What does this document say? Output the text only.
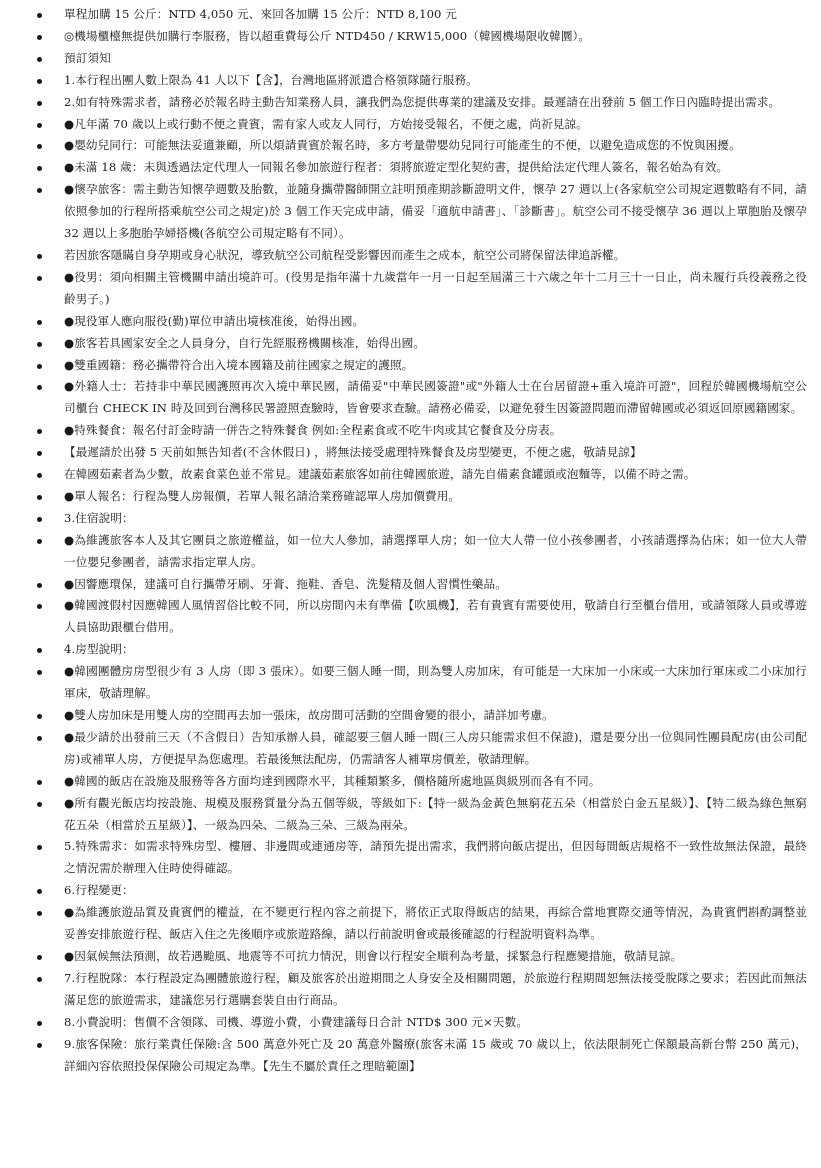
單程加購 15 公斤：NTD 4,050 元、來回各加購 15 公斤：NTD 8,100 元
◎機場櫃檯無提供加購行李服務，皆以超重費每公斤 NTD450 / KRW15,000（韓國機場限收韓圜）。
預訂須知
1.本行程出團人數上限為 41 人以下【含】，台灣地區將派遣合格領隊隨行服務。
2.如有特殊需求者，請務必於報名時主動告知業務人員，讓我們為您提供專業的建議及安排。最遲請在出發前 5 個工作日內臨時提出需求。
●凡年滿 70 歲以上或行動不便之貴賓，需有家人或友人同行，方始接受報名，不便之處，尚祈見諒。
●嬰幼兒同行：可能無法妥適兼顧，所以煩請貴賓於報名時，多方考量帶嬰幼兒同行可能產生的不便，以避免造成您的不悅與困擾。
●未滿 18 歲：未與透過法定代理人一同報名參加旅遊行程者：須將旅遊定型化契約書，提供給法定代理人簽名，報名始為有效。
●懷孕旅客：需主動告知懷孕週數及胎數，並隨身攜帶醫師開立註明預產期診斷證明文件，懷孕 27 週以上(各家航空公司規定週數略有不同，請依照參加的行程所搭乘航空公司之規定)於 3 個工作天完成申請，備妥「適航申請書」、「診斷書」。航空公司不接受懷孕 36 週以上單胞胎及懷孕 32 週以上多胞胎孕婦搭機(各航空公司規定略有不同）。
若因旅客隱瞞自身孕期或身心狀況，導致航空公司航程受影響因而產生之成本，航空公司將保留法律追訴權。
●役男：須向相關主管機關申請出境許可。(役男是指年滿十九歲當年一月一日起至屆滿三十六歲之年十二月三十一日止，尚未履行兵役義務之役齡男子。)
●現役軍人應向服役(勤)單位申請出境核准後，始得出國。
●旅客若具國家安全之人員身分，自行先經服務機關核准，始得出國。
●雙重國籍：務必攜帶符合出入境本國籍及前往國家之規定的護照。
●外籍人士：若持非中華民國護照再次入境中華民國，請備妥"中華民國簽證"或"外籍人士在台居留證+重入境許可證"，回程於韓國機場航空公司櫃台 CHECK IN 時及回到台灣移民署證照查驗時，皆會要求查驗。請務必備妥，以避免發生因簽證問題而滯留韓國或必須返回原國籍國家。
●特殊餐食：報名付訂金時請一併告之特殊餐食 例如:全程素食或不吃牛肉或其它餐食及分房表。
【最遲請於出發 5 天前如無告知者(不含休假日) ，將無法接受處理特殊餐食及房型變更，不便之處，敬請見諒】
在韓國茹素者為少數，故素食菜色並不常見。建議茹素旅客如前往韓國旅遊，請先自備素食罐頭或泡麵等，以備不時之需。
●單人報名：行程為雙人房報價，若單人報名請洽業務確認單人房加價費用。
3.住宿說明：
●為維護旅客本人及其它團員之旅遊權益，如一位大人參加，請選擇單人房；如一位大人帶一位小孩參團者，小孩請選擇為佔床；如一位大人帶一位嬰兒參團者，請需求指定單人房。
●因響應環保，建議可自行攜帶牙刷、牙膏、拖鞋、香皂、洗髮精及個人習慣性藥品。
●韓國渡假村因應韓國人風情習俗比較不同，所以房間內未有準備【吹風機】，若有貴賓有需要使用，敬請自行至櫃台借用，或請領隊人員或導遊人員協助跟櫃台借用。
4.房型說明：
●韓國團體房房型很少有 3 人房（即 3 張床）。如要三個人睡一間，則為雙人房加床，有可能是一大床加一小床或一大床加行軍床或二小床加行軍床，敬請理解。
●雙人房加床是用雙人房的空間再去加一張床，故房間可活動的空間會變的很小，請詳加考慮。
●最少請於出發前三天（不含假日）告知承辦人員，確認要三個人睡一間(三人房只能需求但不保證)，還是要分出一位與同性團員配房(由公司配房)或補單人房，方便提早為您處理。若最後無法配房，仍需請客人補單房價差，敬請理解。
●韓國的飯店在設施及服務等各方面均達到國際水平，其種類繁多，價格隨所處地區與級別而各有不同。
●所有觀光飯店均按設施、規模及服務質量分為五個等級，等級如下:【特一級為金黃色無窮花五朵（相當於白金五星級）】、【特二級為綠色無窮花五朵（相當於五星級）】、一級為四朵、二級為三朵、三級為兩朵。
5.特殊需求：如需求特殊房型、樓層、非邊間或連通房等，請預先提出需求，我們將向飯店提出，但因每間飯店規格不一致性故無法保證，最終之情況需於辦理入住時使得確認。
6.行程變更：
●為維護旅遊品質及貴賓們的權益，在不變更行程內容之前提下，將依正式取得飯店的結果，再綜合當地實際交通等情況，為貴賓們斟酌調整並妥善安排旅遊行程、飯店入住之先後順序或旅遊路線，請以行前說明會或最後確認的行程說明資料為準。
●因氣候無法預測，故若遇颱風、地震等不可抗力情況，則會以行程安全順利為考量，採緊急行程應變措施，敬請見諒。
7.行程脫隊：本行程設定為團體旅遊行程，顧及旅客於出遊期間之人身安全及相關問題，於旅遊行程期間恕無法接受脫隊之要求；若因此而無法滿足您的旅遊需求，建議您另行選購套裝自由行商品。
8.小費說明：售價不含領隊、司機、導遊小費，小費建議每日合計 NTD$ 300 元×天數。
9.旅客保險：旅行業責任保險:含 500 萬意外死亡及 20 萬意外醫療(旅客未滿 15 歲或 70 歲以上，依法限制死亡保額最高新台幣 250 萬元)，詳細內容依照投保保險公司規定為準。【先生不屬於責任之理賠範圍】
